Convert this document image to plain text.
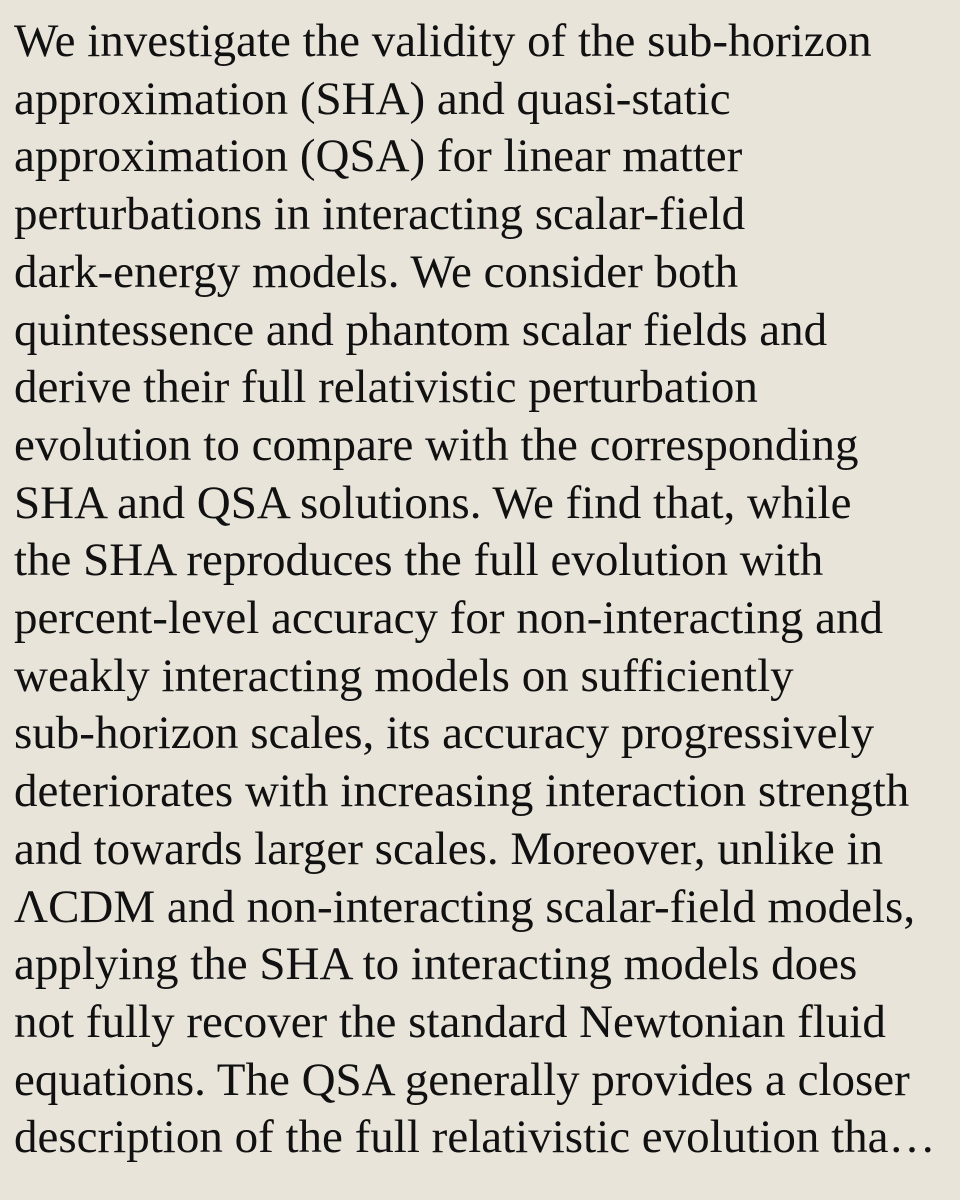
We investigate the validity of the sub-horizon
approximation (SHA) and quasi-static
approximation (QSA) for linear matter
perturbations in interacting scalar-field
dark-energy models. We consider both
quintessence and phantom scalar fields and
derive their full relativistic perturbation
evolution to compare with the corresponding
SHA and QSA solutions. We find that, while
the SHA reproduces the full evolution with
percent-level accuracy for non-interacting and
weakly interacting models on sufficiently
sub-horizon scales, its accuracy progressively
deteriorates with increasing interaction strength
and towards larger scales. Moreover, unlike in
ΛCDM and non-interacting scalar-field models,
applying the SHA to interacting models does
not fully recover the standard Newtonian fluid
equations. The QSA generally provides a closer
description of the full relativistic evolution tha…
